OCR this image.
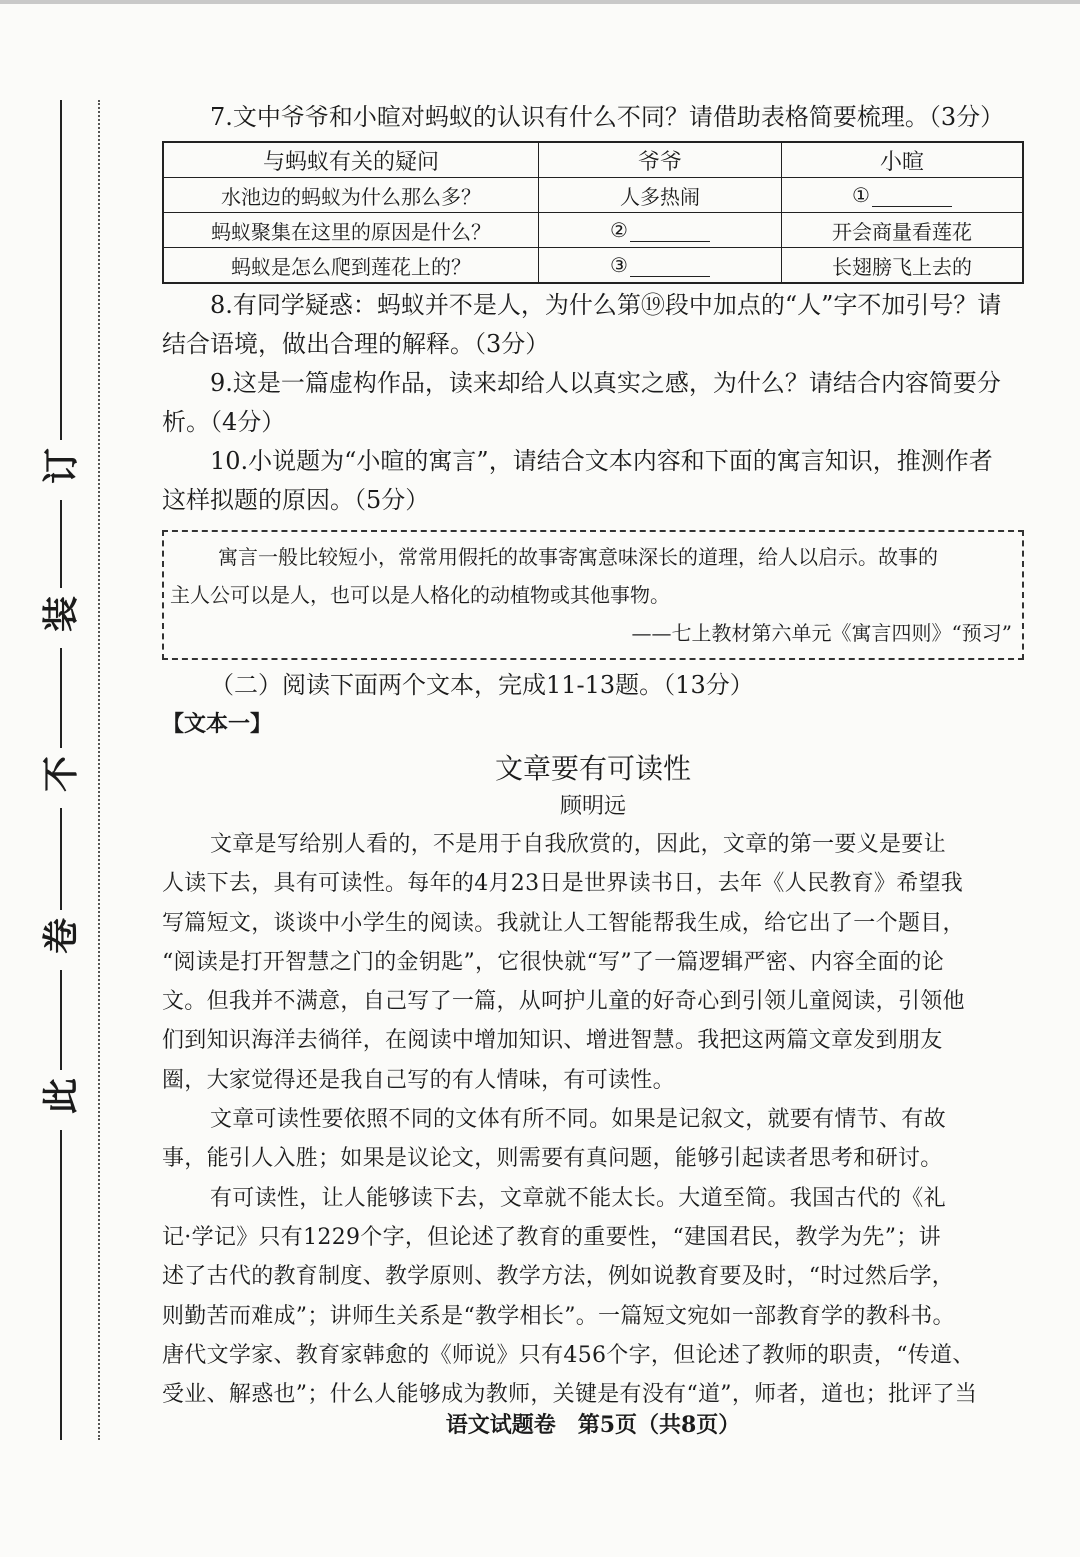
订
装
不
卷
此

7.文中爷爷和小暄对蚂蚁的认识有什么不同？请借助表格简要梳理。（3分）

与蚂蚁有关的疑问	爷爷	小暄
水池边的蚂蚁为什么那么多？	人多热闹	①
蚂蚁聚集在这里的原因是什么？	②	开会商量看莲花
蚂蚁是怎么爬到莲花上的？	③	长翅膀飞上去的

8.有同学疑惑：蚂蚁并不是人，为什么第⑲段中加点的“人”字不加引号？请

结合语境，做出合理的解释。（3分）

9.这是一篇虚构作品，读来却给人以真实之感，为什么？请结合内容简要分

析。（4分）

10.小说题为“小暄的寓言”，请结合文本内容和下面的寓言知识，推测作者

这样拟题的原因。（5分）

寓言一般比较短小，常常用假托的故事寄寓意味深长的道理，给人以启示。故事的

主人公可以是人，也可以是人格化的动植物或其他事物。

——七上教材第六单元《寓言四则》“预习”

（二）阅读下面两个文本，完成11-13题。（13分）

【文本一】

文章要有可读性

顾明远

文章是写给别人看的，不是用于自我欣赏的，因此，文章的第一要义是要让

人读下去，具有可读性。每年的4月23日是世界读书日，去年《人民教育》希望我

写篇短文，谈谈中小学生的阅读。我就让人工智能帮我生成，给它出了一个题目，

“阅读是打开智慧之门的金钥匙”，它很快就“写”了一篇逻辑严密、内容全面的论

文。但我并不满意，自己写了一篇，从呵护儿童的好奇心到引领儿童阅读，引领他

们到知识海洋去徜徉，在阅读中增加知识、增进智慧。我把这两篇文章发到朋友

圈，大家觉得还是我自己写的有人情味，有可读性。

文章可读性要依照不同的文体有所不同。如果是记叙文，就要有情节、有故

事，能引人入胜；如果是议论文，则需要有真问题，能够引起读者思考和研讨。

有可读性，让人能够读下去，文章就不能太长。大道至简。我国古代的《礼

记·学记》只有1229个字，但论述了教育的重要性，“建国君民，教学为先”；讲

述了古代的教育制度、教学原则、教学方法，例如说教育要及时，“时过然后学，

则勤苦而难成”；讲师生关系是“教学相长”。一篇短文宛如一部教育学的教科书。

唐代文学家、教育家韩愈的《师说》只有456个字，但论述了教师的职责，“传道、

受业、解惑也”；什么人能够成为教师，关键是有没有“道”，师者，道也；批评了当

语文试题卷　第5页（共8页）
